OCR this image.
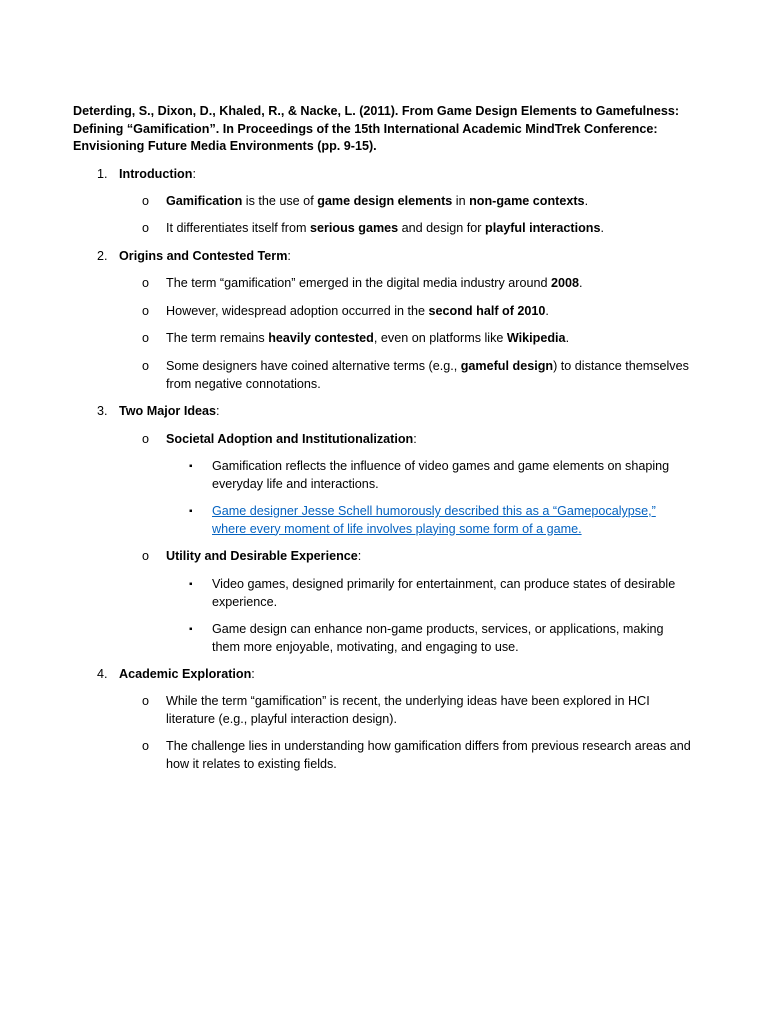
Deterding, S., Dixon, D., Khaled, R., & Nacke, L. (2011). From Game Design Elements to Gamefulness:
Defining “Gamification”. In Proceedings of the 15th International Academic MindTrek Conference:
Envisioning Future Media Environments (pp. 9-15).

1. Introduction:
o Gamification is the use of game design elements in non-game contexts.
o It differentiates itself from serious games and design for playful interactions.
2. Origins and Contested Term:
o The term “gamification” emerged in the digital media industry around 2008.
o However, widespread adoption occurred in the second half of 2010.
o The term remains heavily contested, even on platforms like Wikipedia.
o Some designers have coined alternative terms (e.g., gameful design) to distance themselves from negative connotations.
3. Two Major Ideas:
o Societal Adoption and Institutionalization:
▪ Gamification reflects the influence of video games and game elements on shaping everyday life and interactions.
▪ Game designer Jesse Schell humorously described this as a “Gamepocalypse,” where every moment of life involves playing some form of a game.
o Utility and Desirable Experience:
▪ Video games, designed primarily for entertainment, can produce states of desirable experience.
▪ Game design can enhance non-game products, services, or applications, making them more enjoyable, motivating, and engaging to use.
4. Academic Exploration:
o While the term “gamification” is recent, the underlying ideas have been explored in HCI literature (e.g., playful interaction design).
o The challenge lies in understanding how gamification differs from previous research areas and how it relates to existing fields.
